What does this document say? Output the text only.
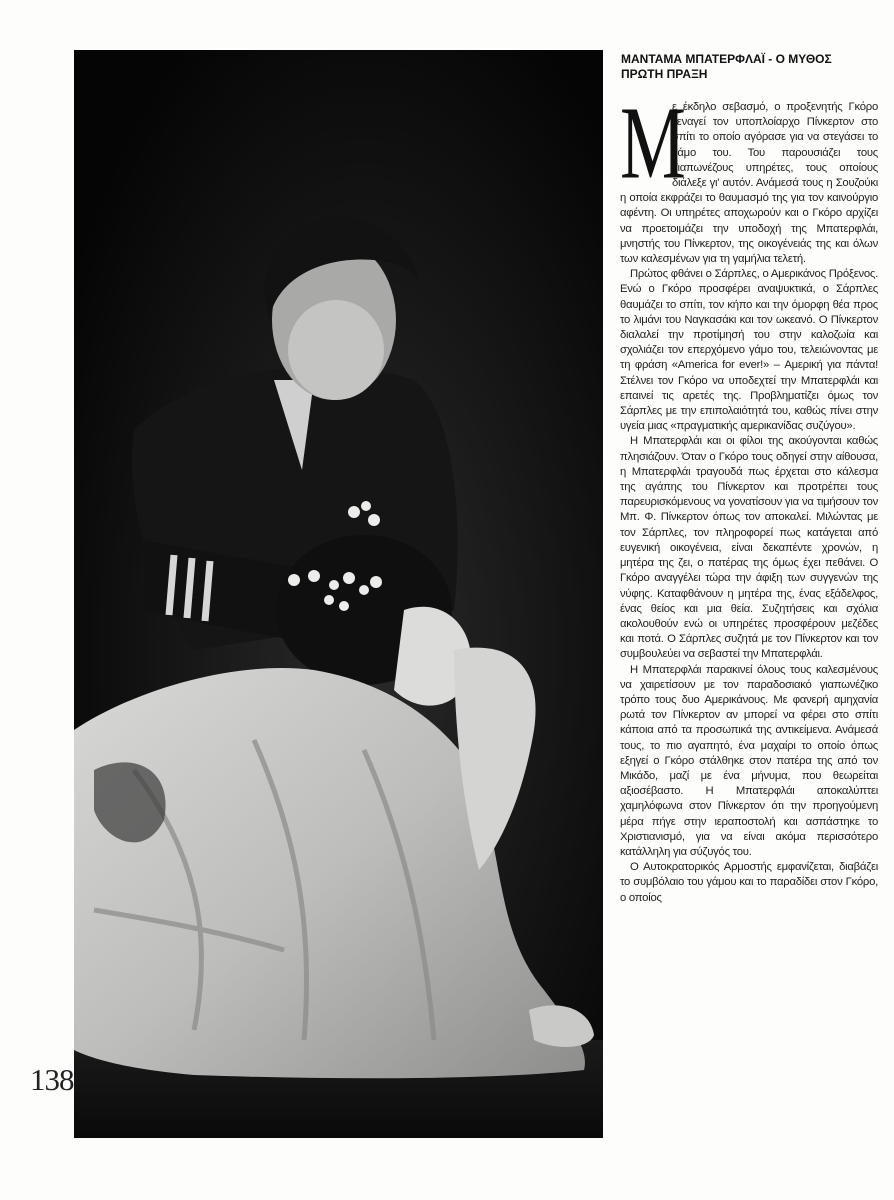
138
ΜΑΝΤΑΜΑ ΜΠΑΤΕΡΦΛΑΪ - Ο ΜΥΘΟΣ
ΠΡΩΤΗ ΠΡΑΞΗ

Μ
ε έκδηλο σεβασμό, ο προξενητής Γκόρο ξεναγεί τον υποπλοίαρχο Πίνκερτον στο σπίτι το οποίο αγόρασε για να στεγάσει το γάμο του. Του παρουσιάζει τους Γιαπωνέζους υπηρέτες, τους οποίους διάλεξε γι' αυτόν. Ανάμεσά τους η Σουζούκι η οποία εκφράζει το θαυμασμό της για τον καινούργιο αφέντη. Οι υπηρέτες αποχωρούν και ο Γκόρο αρχίζει να προετοιμάζει την υποδοχή της Μπατερφλάι, μνηστής του Πίνκερτον, της οικογένειάς της και όλων των καλεσμένων για τη γαμήλια τελετή.

Πρώτος φθάνει ο Σάρπλες, ο Αμερικάνος Πρόξενος. Ενώ ο Γκόρο προσφέρει αναψυκτικά, ο Σάρπλες θαυμάζει το σπίτι, τον κήπο και την όμορφη θέα προς το λιμάνι του Ναγκασάκι και τον ωκεανό. Ο Πίνκερτον διαλαλεί την προτίμησή του στην καλοζωία και σχολιάζει τον επερχόμενο γάμο του, τελειώνοντας με τη φράση «America for ever!» – Αμερική για πάντα! Στέλνει τον Γκόρο να υποδεχτεί την Μπατερφλάι και επαινεί τις αρετές της. Προβληματίζει όμως τον Σάρπλες με την επιπολαιότητά του, καθώς πίνει στην υγεία μιας «πραγματικής αμερικανίδας συζύγου».

Η Μπατερφλάι και οι φίλοι της ακούγονται καθώς πλησιάζουν. Όταν ο Γκόρο τους οδηγεί στην αίθουσα, η Μπατερφλάι τραγουδά πως έρχεται στο κάλεσμα της αγάπης του Πίνκερτον και προτρέπει τους παρευρισκόμενους να γονατίσουν για να τιμήσουν τον Μπ. Φ. Πίνκερτον όπως τον αποκαλεί. Μιλώντας με τον Σάρπλες, τον πληροφορεί πως κατάγεται από ευγενική οικογένεια, είναι δεκαπέντε χρονών, η μητέρα της ζει, ο πατέρας της όμως έχει πεθάνει. Ο Γκόρο αναγγέλει τώρα την άφιξη των συγγενών της νύφης. Καταφθάνουν η μητέρα της, ένας εξάδελφος, ένας θείος και μια θεία. Συζητήσεις και σχόλια ακολουθούν ενώ οι υπηρέτες προσφέρουν μεζέδες και ποτά. Ο Σάρπλες συζητά με τον Πίνκερτον και τον συμβουλεύει να σεβαστεί την Μπατερφλάι.

Η Μπατερφλάι παρακινεί όλους τους καλεσμένους να χαιρετίσουν με τον παραδοσιακό γιαπωνέζικο τρόπο τους δυο Αμερικάνους. Με φανερή αμηχανία ρωτά τον Πίνκερτον αν μπορεί να φέρει στο σπίτι κάποια από τα προσωπικά της αντικείμενα. Ανάμεσά τους, το πιο αγαπητό, ένα μαχαίρι το οποίο όπως εξηγεί ο Γκόρο στάλθηκε στον πατέρα της από τον Μικάδο, μαζί με ένα μήνυμα, που θεωρείται αξιοσέβαστο. Η Μπατερφλάι αποκαλύπτει χαμηλόφωνα στον Πίνκερτον ότι την προηγούμενη μέρα πήγε στην ιεραποστολή και ασπάστηκε το Χριστιανισμό, για να είναι ακόμα περισσότερο κατάλληλη για σύζυγός του.

Ο Αυτοκρατορικός Αρμοστής εμφανίζεται, διαβάζει το συμβόλαιο του γάμου και το παραδίδει στον Γκόρο, ο οποίος
